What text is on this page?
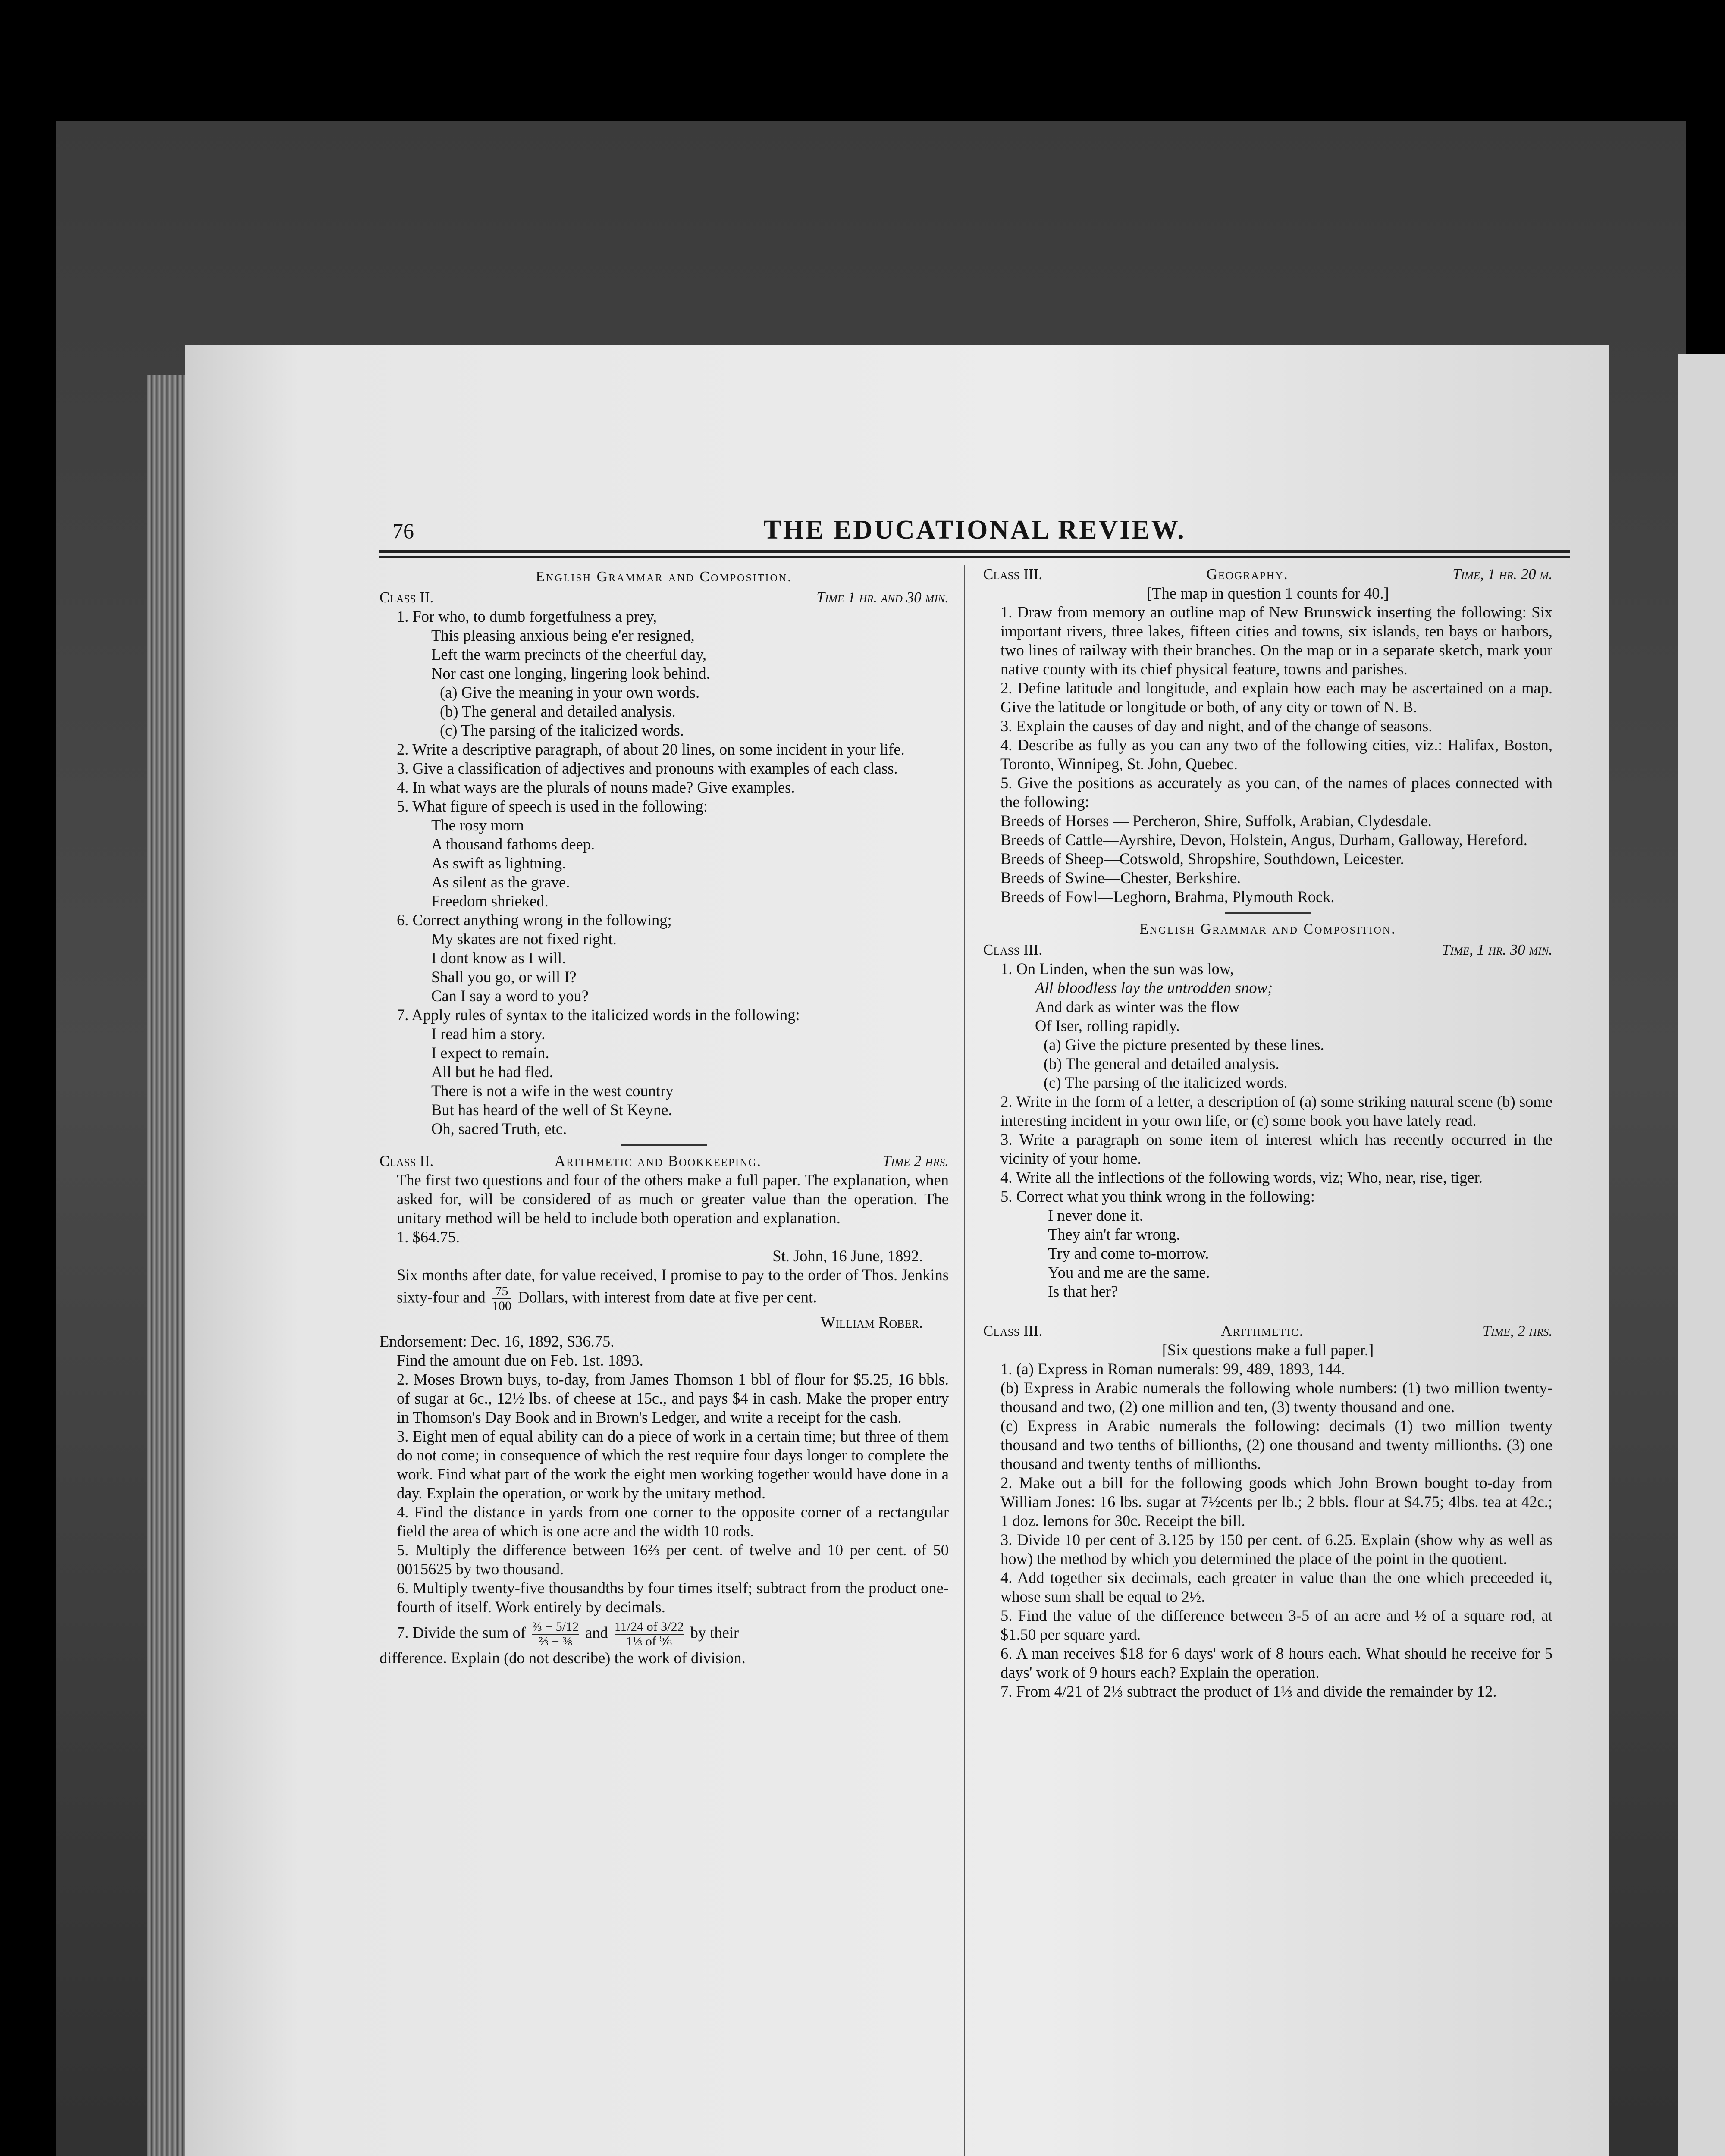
76	THE EDUCATIONAL REVIEW.
English Grammar and Composition.
Class II.	Time 1 hr. and 30 min.

1. For who, to dumb forgetfulness a prey,

This pleasing anxious being e'er resigned,

Left the warm precincts of the cheerful day,

Nor cast one longing, lingering look behind.

(a) Give the meaning in your own words.

(b) The general and detailed analysis.

(c) The parsing of the italicized words.

2. Write a descriptive paragraph, of about 20 lines, on some incident in your life.

3. Give a classification of adjectives and pronouns with examples of each class.

4. In what ways are the plurals of nouns made? Give examples.

5. What figure of speech is used in the following:

The rosy morn

A thousand fathoms deep.

As swift as lightning.

As silent as the grave.

Freedom shrieked.

6. Correct anything wrong in the following;

My skates are not fixed right.

I dont know as I will.

Shall you go, or will I?

Can I say a word to you?

7. Apply rules of syntax to the italicized words in the following:

I read him a story.

I expect to remain.

All but he had fled.

There is not a wife in the west country

But has heard of the well of St Keyne.

Oh, sacred Truth, etc.

Class II.	Arithmetic and Bookkeeping.	Time 2 hrs.

The first two questions and four of the others make a full paper. The explanation, when asked for, will be considered of as much or greater value than the operation. The unitary method will be held to include both operation and explanation.

1. $64.75.

St. John, 16 June, 1892.

Six months after date, for value received, I promise to pay to the order of Thos. Jenkins sixty-four and $\frac{75}{100}$ Dollars, with interest from date at five per cent.

William Rober.

Endorsement: Dec. 16, 1892, $36.75.

Find the amount due on Feb. 1st. 1893.

2. Moses Brown buys, to-day, from James Thomson 1 bbl of flour for $5.25, 16 bbls. of sugar at 6c., 12½ lbs. of cheese at 15c., and pays $4 in cash. Make the proper entry in Thomson's Day Book and in Brown's Ledger, and write a receipt for the cash.

3. Eight men of equal ability can do a piece of work in a certain time; but three of them do not come; in consequence of which the rest require four days longer to complete the work. Find what part of the work the eight men working together would have done in a day. Explain the operation, or work by the unitary method.

4. Find the distance in yards from one corner to the opposite corner of a rectangular field the area of which is one acre and the width 10 rods.

5. Multiply the difference between 16⅔ per cent. of twelve and 10 per cent. of 50 0015625 by two thousand.

6. Multiply twenty-five thousandths by four times itself; subtract from the product one-fourth of itself. Work entirely by decimals.

7. Divide the sum of $\frac{\text{⅔ − 5/12}}{\text{⅔ − ⅜}}$ and $\frac{11/24 of 3/22}{\text{1⅓ of ⅚}}$ by their

difference. Explain (do not describe) the work of division.

Class III.	Geography.	Time, 1 hr. 20 m.

[The map in question 1 counts for 40.]

1. Draw from memory an outline map of New Brunswick inserting the following: Six important rivers, three lakes, fifteen cities and towns, six islands, ten bays or harbors, two lines of railway with their branches. On the map or in a separate sketch, mark your native county with its chief physical feature, towns and parishes.

2. Define latitude and longitude, and explain how each may be ascertained on a map. Give the latitude or longitude or both, of any city or town of N. B.

3. Explain the causes of day and night, and of the change of seasons.

4. Describe as fully as you can any two of the following cities, viz.: Halifax, Boston, Toronto, Winnipeg, St. John, Quebec.

5. Give the positions as accurately as you can, of the names of places connected with the following:

Breeds of Horses — Percheron, Shire, Suffolk, Arabian, Clydesdale.

Breeds of Cattle—Ayrshire, Devon, Holstein, Angus, Durham, Galloway, Hereford.

Breeds of Sheep—Cotswold, Shropshire, Southdown, Leicester.

Breeds of Swine—Chester, Berkshire.

Breeds of Fowl—Leghorn, Brahma, Plymouth Rock.

English Grammar and Composition.
Class III.	Time, 1 hr. 30 min.

1. On Linden, when the sun was low,

All bloodless lay the untrodden snow;

And dark as winter was the flow

Of Iser, rolling rapidly.

(a) Give the picture presented by these lines.

(b) The general and detailed analysis.

(c) The parsing of the italicized words.

2. Write in the form of a letter, a description of (a) some striking natural scene (b) some interesting incident in your own life, or (c) some book you have lately read.

3. Write a paragraph on some item of interest which has recently occurred in the vicinity of your home.

4. Write all the inflections of the following words, viz; Who, near, rise, tiger.

5. Correct what you think wrong in the following:

I never done it.

They ain't far wrong.

Try and come to-morrow.

You and me are the same.

Is that her?

Class III.	Arithmetic.	Time, 2 hrs.

[Six questions make a full paper.]

1. (a) Express in Roman numerals: 99, 489, 1893, 144.

(b) Express in Arabic numerals the following whole numbers: (1) two million twenty-thousand and two, (2) one million and ten, (3) twenty thousand and one.

(c) Express in Arabic numerals the following: decimals (1) two million twenty thousand and two tenths of billionths, (2) one thousand and twenty millionths. (3) one thousand and twenty tenths of millionths.

2. Make out a bill for the following goods which John Brown bought to-day from William Jones: 16 lbs. sugar at 7½cents per lb.; 2 bbls. flour at $4.75; 4lbs. tea at 42c.; 1 doz. lemons for 30c. Receipt the bill.

3. Divide 10 per cent of 3.125 by 150 per cent. of 6.25. Explain (show why as well as how) the method by which you determined the place of the point in the quotient.

4. Add together six decimals, each greater in value than the one which preceeded it, whose sum shall be equal to 2½.

5. Find the value of the difference between 3-5 of an acre and ½ of a square rod, at $1.50 per square yard.

6. A man receives $18 for 6 days' work of 8 hours each. What should he receive for 5 days' work of 9 hours each? Explain the operation.

7. From 4/21 of 2⅓ subtract the product of 1⅓ and divide the remainder by 12.
